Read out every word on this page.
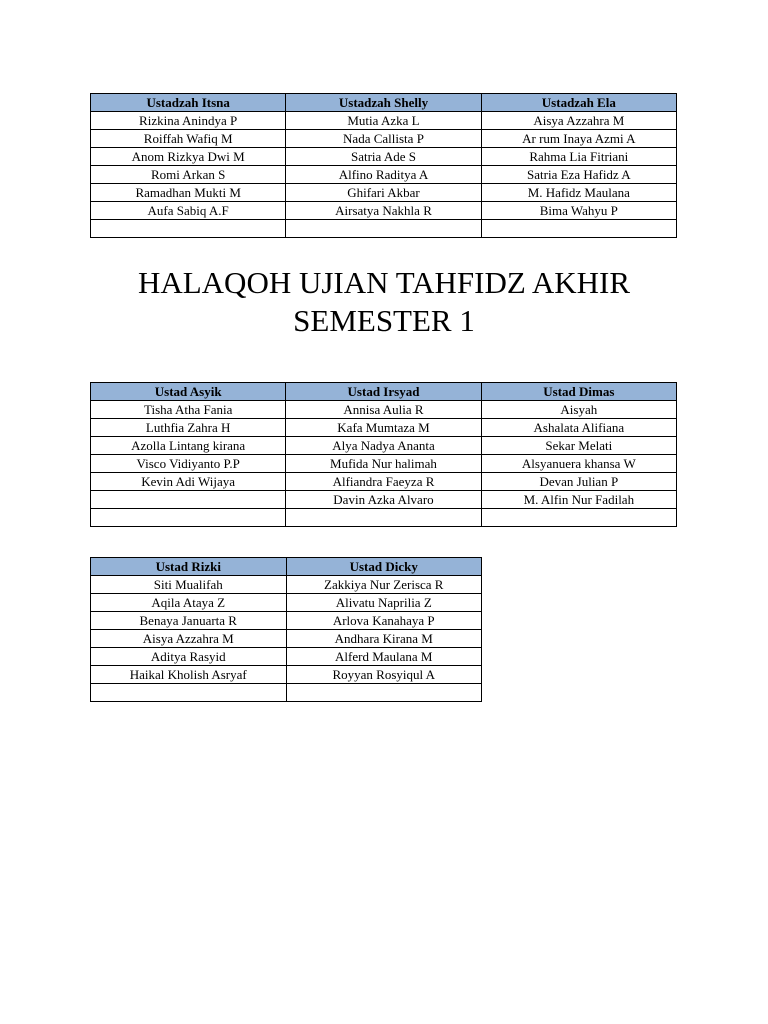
Ustadzah Itsna	Ustadzah Shelly	Ustadzah Ela
Rizkina Anindya P	Mutia Azka L	Aisya Azzahra M
Roiffah Wafiq M	Nada Callista P	Ar rum Inaya Azmi A
Anom Rizkya Dwi M	Satria Ade S	Rahma Lia Fitriani
Romi Arkan S	Alfino Raditya A	Satria Eza Hafidz A
Ramadhan Mukti M	Ghifari Akbar	M. Hafidz Maulana
Aufa Sabiq A.F	Airsatya Nakhla R	Bima Wahyu P

HALAQOH UJIAN TAHFIDZ AKHIR
SEMESTER 1
Ustad Asyik	Ustad Irsyad	Ustad Dimas
Tisha Atha Fania	Annisa Aulia R	Aisyah
Luthfia Zahra H	Kafa Mumtaza M	Ashalata Alifiana
Azolla Lintang kirana	Alya Nadya Ananta	Sekar Melati
Visco Vidiyanto P.P	Mufida Nur halimah	Alsyanuera khansa W
Kevin Adi Wijaya	Alfiandra Faeyza R	Devan Julian P
	Davin Azka Alvaro	M. Alfin Nur Fadilah

Ustad Rizki	Ustad Dicky
Siti Mualifah	Zakkiya Nur Zerisca R
Aqila Ataya Z	Alivatu Naprilia Z
Benaya Januarta R	Arlova Kanahaya P
Aisya Azzahra M	Andhara Kirana M
Aditya Rasyid	Alferd Maulana M
Haikal Kholish Asryaf	Royyan Rosyiqul A
